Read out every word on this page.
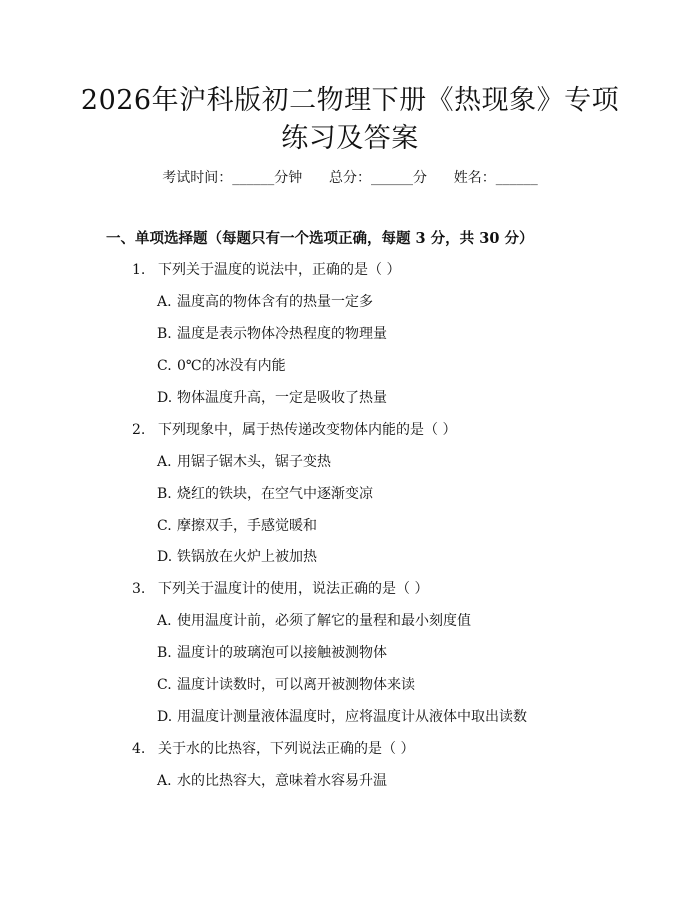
2026年沪科版初二物理下册《热现象》专项
练习及答案
考试时间：______分钟 总分：______分 姓名：______
一、单项选择题（每题只有一个选项正确，每题 3 分，共 30 分）
1. 下列关于温度的说法中，正确的是（ ）
A. 温度高的物体含有的热量一定多
B. 温度是表示物体冷热程度的物理量
C. 0℃的冰没有内能
D. 物体温度升高，一定是吸收了热量
2. 下列现象中，属于热传递改变物体内能的是（ ）
A. 用锯子锯木头，锯子变热
B. 烧红的铁块，在空气中逐渐变凉
C. 摩擦双手，手感觉暖和
D. 铁锅放在火炉上被加热
3. 下列关于温度计的使用，说法正确的是（ ）
A. 使用温度计前，必须了解它的量程和最小刻度值
B. 温度计的玻璃泡可以接触被测物体
C. 温度计读数时，可以离开被测物体来读
D. 用温度计测量液体温度时，应将温度计从液体中取出读数
4. 关于水的比热容，下列说法正确的是（ ）
A. 水的比热容大，意味着水容易升温
